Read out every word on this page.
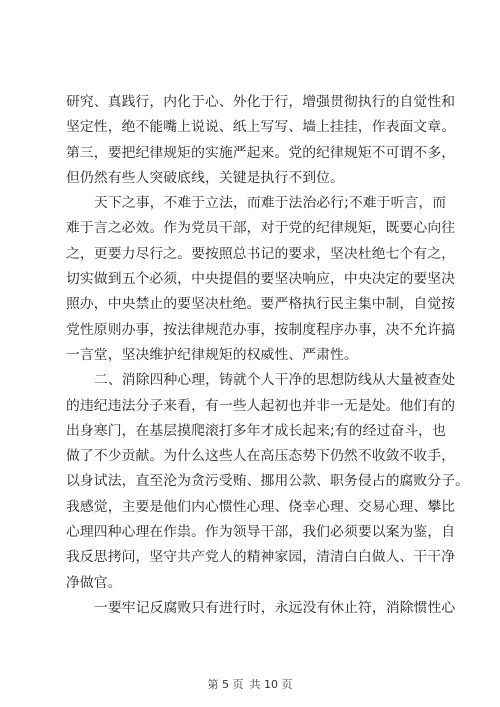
研究、真践行，内化于心、外化于行，增强贯彻执行的自觉性和
坚定性，绝不能嘴上说说、纸上写写、墙上挂挂，作表面文章。
第三，要把纪律规矩的实施严起来。党的纪律规矩不可谓不多，
但仍然有些人突破底线，关键是执行不到位。
天下之事，不难于立法，而难于法治必行;不难于听言，而
难于言之必效。作为党员干部，对于党的纪律规矩，既要心向往
之，更要力尽行之。要按照总书记的要求，坚决杜绝七个有之，
切实做到五个必须，中央提倡的要坚决响应，中央决定的要坚决
照办，中央禁止的要坚决杜绝。要严格执行民主集中制，自觉按
党性原则办事，按法律规范办事，按制度程序办事，决不允许搞
一言堂，坚决维护纪律规矩的权威性、严肃性。
二、消除四种心理，铸就个人干净的思想防线从大量被查处
的违纪违法分子来看，有一些人起初也并非一无是处。他们有的
出身寒门，在基层摸爬滚打多年才成长起来;有的经过奋斗，也
做了不少贡献。为什么这些人在高压态势下仍然不收敛不收手，
以身试法，直至沦为贪污受贿、挪用公款、职务侵占的腐败分子。
我感觉，主要是他们内心惯性心理、侥幸心理、交易心理、攀比
心理四种心理在作祟。作为领导干部，我们必须要以案为鉴，自
我反思拷问，坚守共产党人的精神家园，清清白白做人、干干净
净做官。
一要牢记反腐败只有进行时，永远没有休止符，消除惯性心
第 5 页 共 10 页
